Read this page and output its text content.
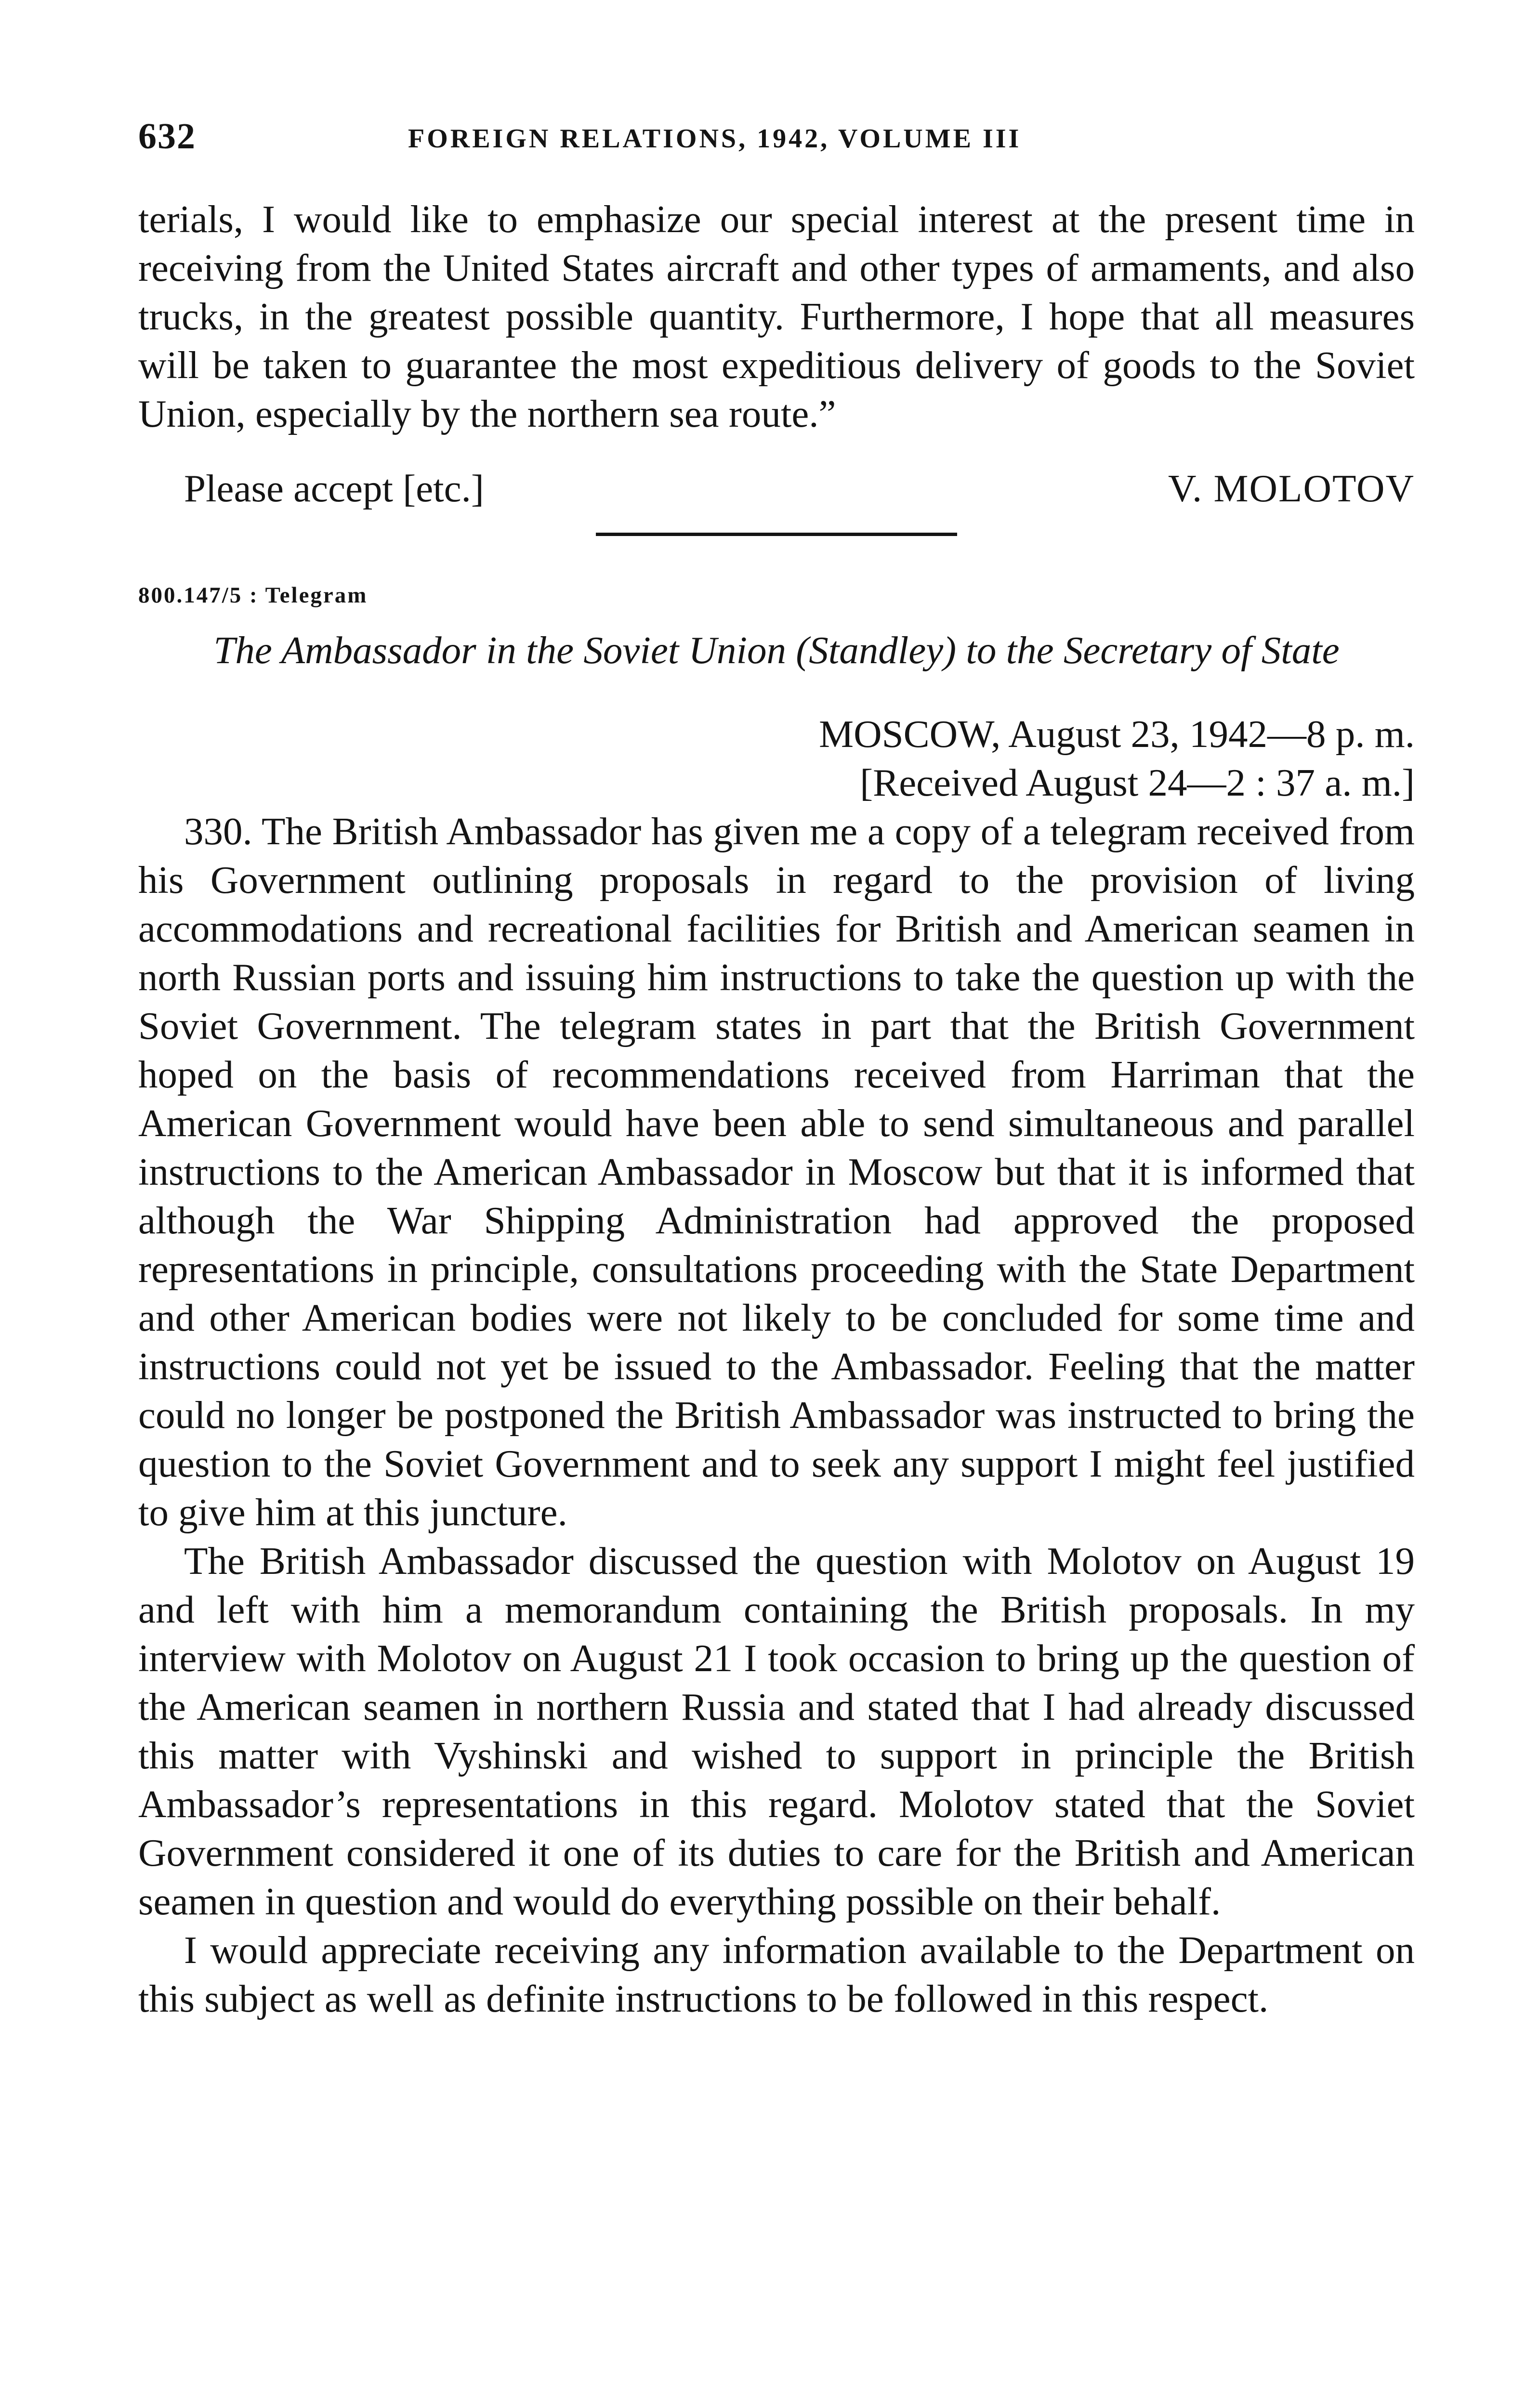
632	FOREIGN RELATIONS, 1942, VOLUME III

terials, I would like to emphasize our special interest at the present time in receiving from the United States aircraft and other types of armaments, and also trucks, in the greatest possible quantity. Furthermore, I hope that all measures will be taken to guarantee the most expeditious delivery of goods to the Soviet Union, especially by the northern sea route.”

Please accept [etc.]	V. MOLOTOV
800.147/5 : Telegram
The Ambassador in the Soviet Union (Standley) to the Secretary of State
MOSCOW, August 23, 1942—8 p. m.
[Received August 24—2 : 37 a. m.]

330. The British Ambassador has given me a copy of a telegram received from his Government outlining proposals in regard to the provision of living accommodations and recreational facilities for British and American seamen in north Russian ports and issuing him instructions to take the question up with the Soviet Government. The telegram states in part that the British Government hoped on the basis of recommendations received from Harriman that the American Government would have been able to send simultaneous and parallel instructions to the American Ambassador in Moscow but that it is informed that although the War Shipping Administration had approved the proposed representations in principle, consultations proceeding with the State Department and other American bodies were not likely to be concluded for some time and instructions could not yet be issued to the Ambassador. Feeling that the matter could no longer be postponed the British Ambassador was instructed to bring the question to the Soviet Government and to seek any support I might feel justified to give him at this juncture.

The British Ambassador discussed the question with Molotov on August 19 and left with him a memorandum containing the British proposals. In my interview with Molotov on August 21 I took occasion to bring up the question of the American seamen in northern Russia and stated that I had already discussed this matter with Vyshinski and wished to support in principle the British Ambassador’s representations in this regard. Molotov stated that the Soviet Government considered it one of its duties to care for the British and American seamen in question and would do everything possible on their behalf.

I would appreciate receiving any information available to the Department on this subject as well as definite instructions to be followed in this respect.
